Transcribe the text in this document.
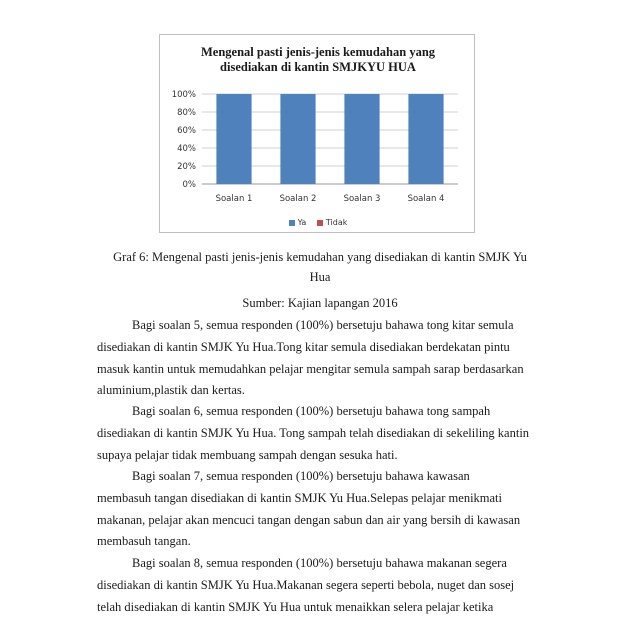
0%
20%
40%
60%
80%
100%
Soalan 1	Soalan 2	Soalan 3	Soalan 4
Mengenal pasti jenis-jenis kemudahan yang
disediakan di kantin SMJKYU HUA
Ya Tidak
Graf 6: Mengenal pasti jenis-jenis kemudahan yang disediakan di kantin SMJK Yu
Hua
Sumber: Kajian lapangan 2016
Bagi soalan 5, semua responden (100%) bersetuju bahawa tong kitar semula
disediakan di kantin SMJK Yu Hua.Tong kitar semula disediakan berdekatan pintu
masuk kantin untuk memudahkan pelajar mengitar semula sampah sarap berdasarkan
aluminium,plastik dan kertas.
Bagi soalan 6, semua responden (100%) bersetuju bahawa tong sampah
disediakan di kantin SMJK Yu Hua. Tong sampah telah disediakan di sekeliling kantin
supaya pelajar tidak membuang sampah dengan sesuka hati.
Bagi soalan 7, semua responden (100%) bersetuju bahawa kawasan
membasuh tangan disediakan di kantin SMJK Yu Hua.Selepas pelajar menikmati
makanan, pelajar akan mencuci tangan dengan sabun dan air yang bersih di kawasan
membasuh tangan.
Bagi soalan 8, semua responden (100%) bersetuju bahawa makanan segera
disediakan di kantin SMJK Yu Hua.Makanan segera seperti bebola, nuget dan sosej
telah disediakan di kantin SMJK Yu Hua untuk menaikkan selera pelajar ketika
